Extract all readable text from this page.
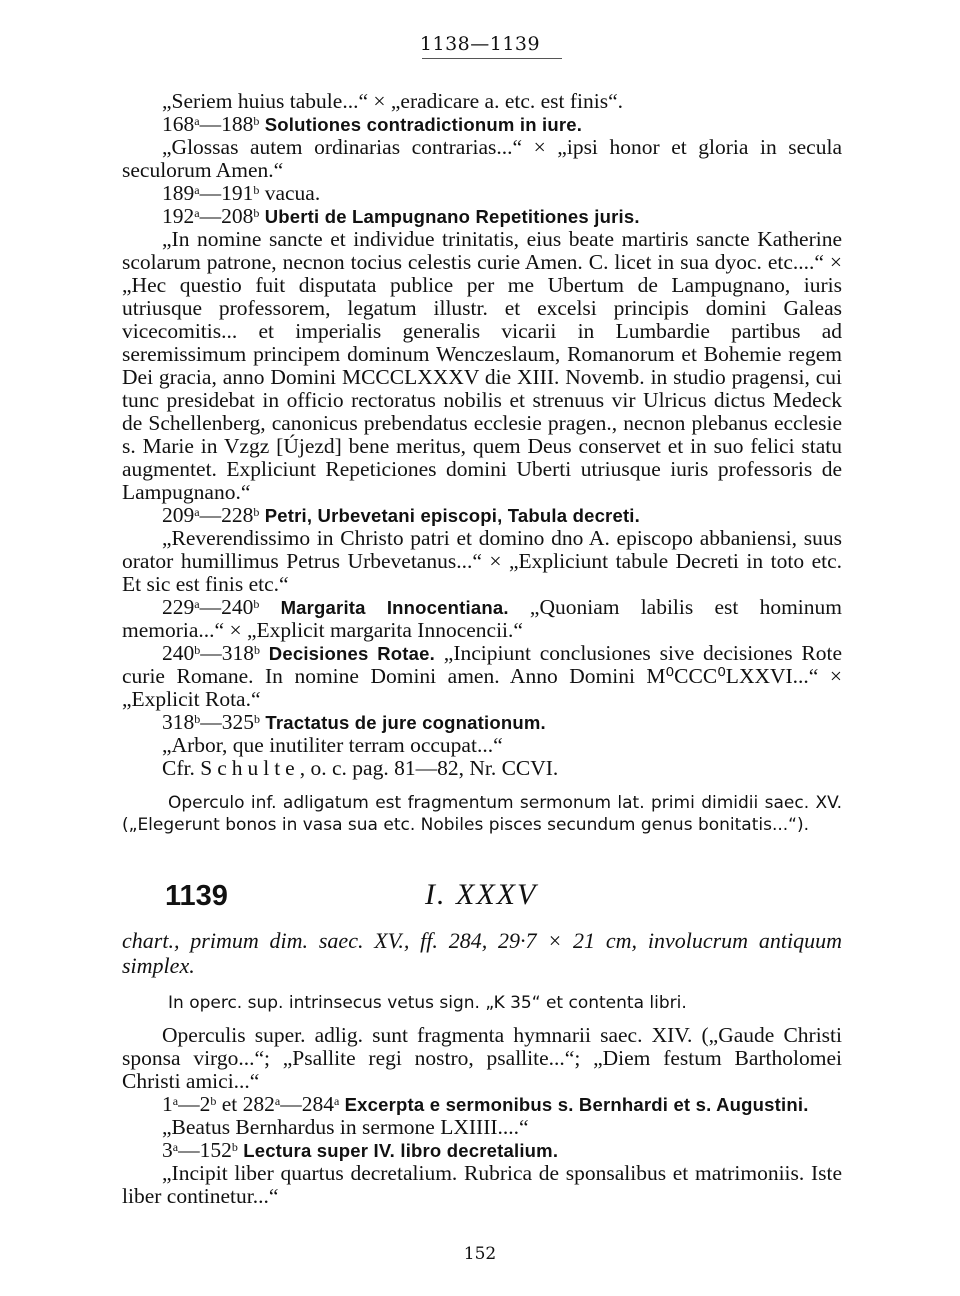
1138—1139

„Seriem huius tabule...“ × „eradicare a. etc. est finis“.

168$^a$—188$^b$ Solutiones contradictionum in iure.

„Glossas autem ordinarias contrarias...“ × „ipsi honor et gloria in secula seculorum Amen.“

189$^a$—191$^b$ vacua.

192$^a$—208$^b$ Uberti de Lampugnano Repetitiones juris.

„In nomine sancte et individue trinitatis, eius beate martiris sancte Katherine scolarum patrone, necnon tocius celestis curie Amen. C. licet in sua dyoc. etc....“ × „Hec questio fuit disputata publice per me Ubertum de Lampugnano, iuris utriusque professorem, legatum illustr. et excelsi principis domini Galeas vicecomitis... et imperialis generalis vicarii in Lumbardie partibus ad seremissimum principem dominum Wenczeslaum, Romanorum et Bohemie regem Dei gracia, anno Domini MCCCLXXXV die XIII. Novemb. in studio pragensi, cui tunc presidebat in officio rectoratus nobilis et strenuus vir Ulricus dictus Medeck de Schellenberg, canonicus prebendatus ecclesie pragen., necnon plebanus ecclesie s. Marie in Vzgz [Újezd] bene meritus, quem Deus conservet et in suo felici statu augmentet. Expliciunt Repeticiones domini Uberti utriusque iuris professoris de Lampugnano.“

209$^a$—228$^b$ Petri, Urbevetani episcopi, Tabula decreti.

„Reverendissimo in Christo patri et domino dno A. episcopo abbaniensi, suus orator humillimus Petrus Urbevetanus...“ × „Expliciunt tabule Decreti in toto etc. Et sic est finis etc.“

229$^a$—240$^b$ Margarita Innocentiana. „Quoniam labilis est hominum memoria...“ × „Explicit margarita Innocencii.“

240$^b$—318$^b$ Decisiones Rotae. „Incipiunt conclusiones sive decisiones Rote curie Romane. In nomine Domini amen. Anno Domini M⁰CCC⁰LXXVI...“ × „Explicit Rota.“

318$^b$—325$^b$ Tractatus de jure cognationum.

„Arbor, que inutiliter terram occupat...“

Cfr. Schulte, o. c. pag. 81—82, Nr. CCVI.

Operculo inf. adligatum est fragmentum sermonum lat. primi dimidii saec. XV. („Elegerunt bonos in vasa sua etc. Nobiles pisces secundum genus bonitatis...“).

1139	I. XXXV

chart., primum dim. saec. XV., ff. 284, 29·7 × 21 cm, involucrum antiquum simplex.

In operc. sup. intrinsecus vetus sign. „K 35“ et contenta libri.

Operculis super. adlig. sunt fragmenta hymnarii saec. XIV. („Gaude Christi sponsa virgo...“; „Psallite regi nostro, psallite...“; „Diem festum Bartholomei Christi amici...“

1$^a$—2$^b$ et 282$^a$—284$^a$ Excerpta e sermonibus s. Bernhardi et s. Augustini.

„Beatus Bernhardus in sermone LXIIII....“

3$^a$—152$^b$ Lectura super IV. libro decretalium.

„Incipit liber quartus decretalium. Rubrica de sponsalibus et matrimoniis. Iste liber continetur...“

152
